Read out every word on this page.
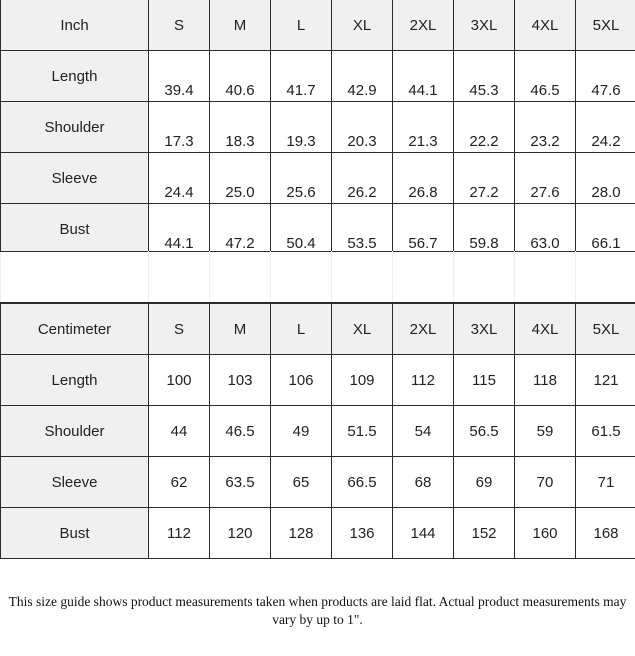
Inch	S	M	L	XL	2XL	3XL	4XL	5XL
Length	39.4	40.6	41.7	42.9	44.1	45.3	46.5	47.6
Shoulder	17.3	18.3	19.3	20.3	21.3	22.2	23.2	24.2
Sleeve	24.4	25.0	25.6	26.2	26.8	27.2	27.6	28.0
Bust	44.1	47.2	50.4	53.5	56.7	59.8	63.0	66.1

Centimeter	S	M	L	XL	2XL	3XL	4XL	5XL
Length	100	103	106	109	112	115	118	121
Shoulder	44	46.5	49	51.5	54	56.5	59	61.5
Sleeve	62	63.5	65	66.5	68	69	70	71
Bust	112	120	128	136	144	152	160	168
This size guide shows product measurements taken when products are laid flat. Actual product measurements may vary by up to 1".
